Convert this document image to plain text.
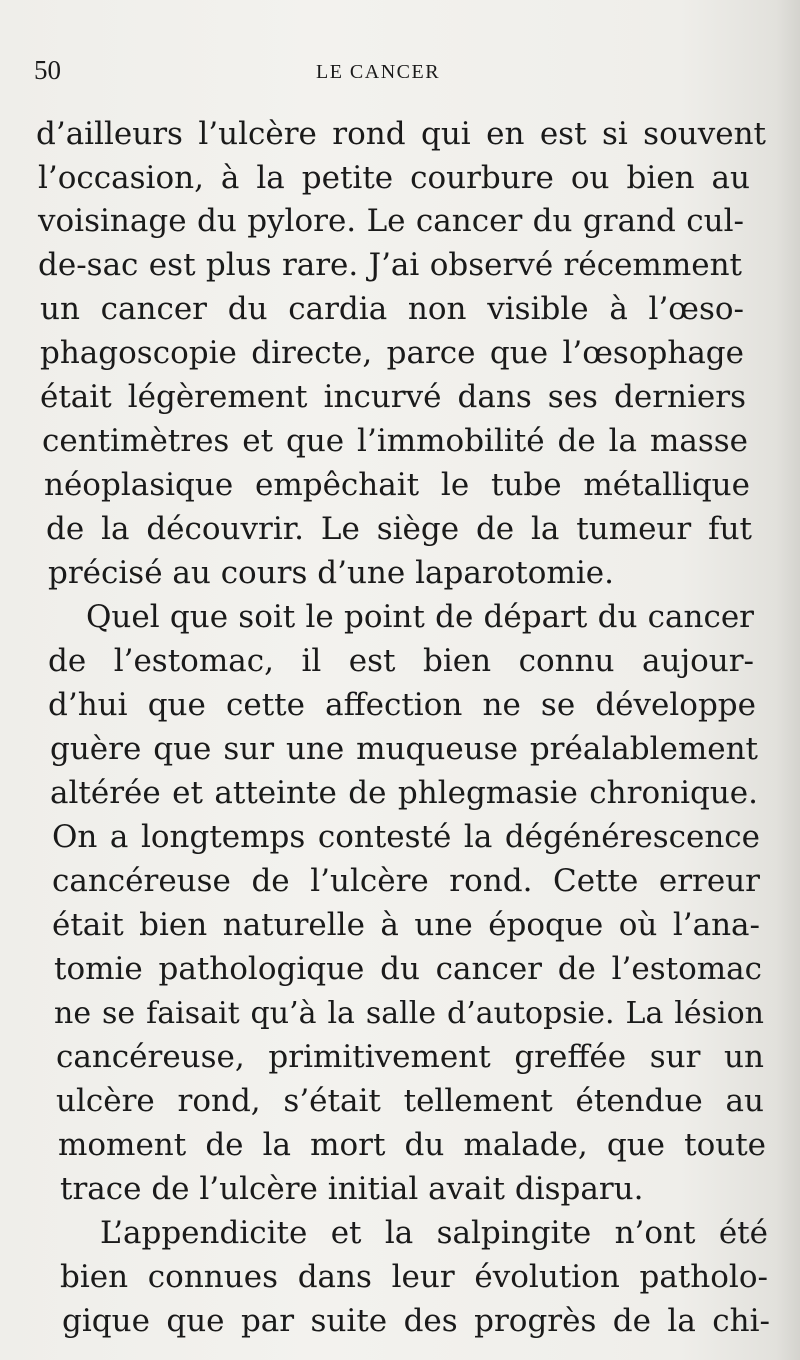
50	LE CANCER
d’ailleurs l’ulcère rond qui en est si souvent
l’occasion, à la petite courbure ou bien au
voisinage du pylore. Le cancer du grand cul-
de-sac est plus rare. J’ai observé récemment
un cancer du cardia non visible à l’œso-
phagoscopie directe, parce que l’œsophage
était légèrement incurvé dans ses derniers
centimètres et que l’immobilité de la masse
néoplasique empêchait le tube métallique
de la découvrir. Le siège de la tumeur fut
précisé au cours d’une laparotomie.
Quel que soit le point de départ du cancer
de l’estomac, il est bien connu aujour-
d’hui que cette affection ne se développe
guère que sur une muqueuse préalablement
altérée et atteinte de phlegmasie chronique.
On a longtemps contesté la dégénérescence
cancéreuse de l’ulcère rond. Cette erreur
était bien naturelle à une époque où l’ana-
tomie pathologique du cancer de l’estomac
ne se faisait qu’à la salle d’autopsie. La lésion
cancéreuse, primitivement greffée sur un
ulcère rond, s’était tellement étendue au
moment de la mort du malade, que toute
trace de l’ulcère initial avait disparu.
L’appendicite et la salpingite n’ont été
bien connues dans leur évolution patholo-
gique que par suite des progrès de la chi-
